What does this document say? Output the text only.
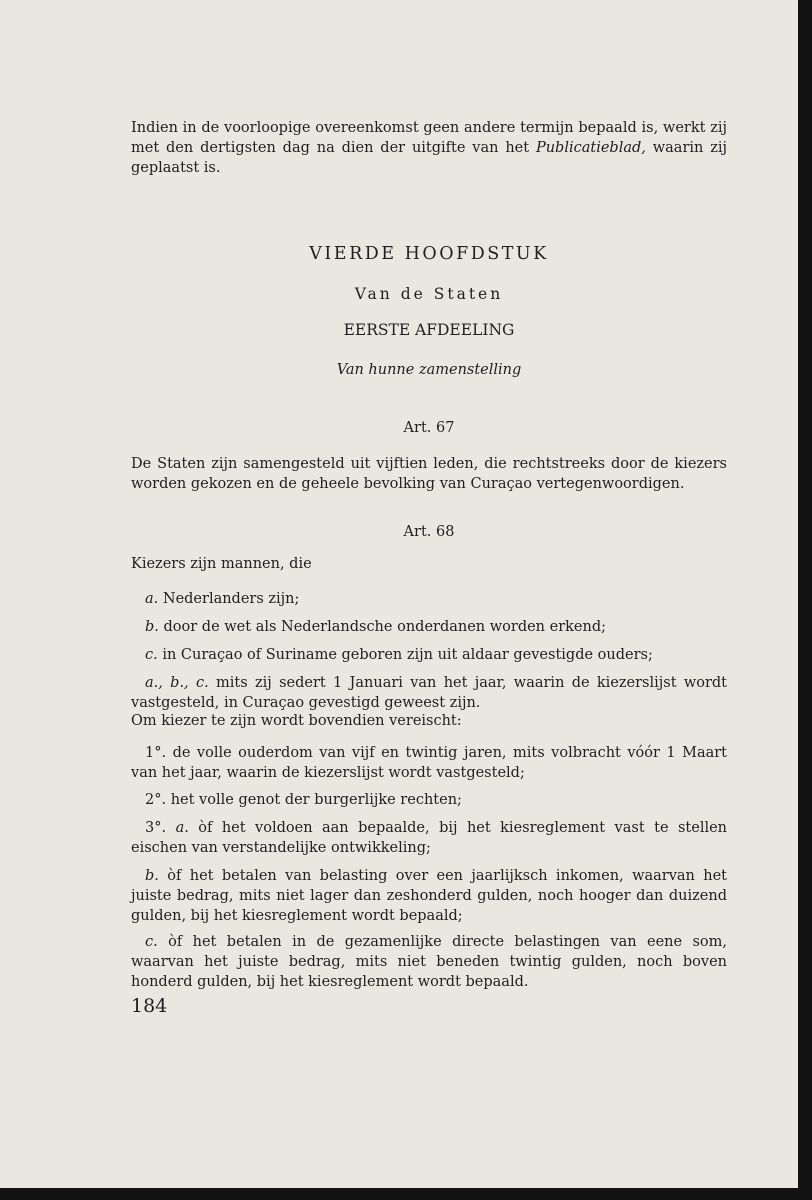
Indien in de voorloopige overeenkomst geen andere termijn bepaald is, werkt zij met den dertigsten dag na dien der uitgifte van het Publicatieblad, waarin zij geplaatst is.
VIERDE HOOFDSTUK
Van de Staten
EERSTE AFDEELING
Van hunne zamenstelling
Art. 67
De Staten zijn samengesteld uit vijftien leden, die rechtstreeks door de kiezers worden gekozen en de geheele bevolking van Curaçao vertegenwoordigen.
Art. 68
Kiezers zijn mannen, die
a. Nederlanders zijn;
b. door de wet als Nederlandsche onderdanen worden erkend;
c. in Curaçao of Suriname geboren zijn uit aldaar gevestigde ouders;
a., b., c. mits zij sedert 1 Januari van het jaar, waarin de kiezerslijst wordt vastgesteld, in Curaçao gevestigd geweest zijn.
Om kiezer te zijn wordt bovendien vereischt:
1°. de volle ouderdom van vijf en twintig jaren, mits volbracht vóór 1 Maart van het jaar, waarin de kiezerslijst wordt vastgesteld;
2°. het volle genot der burgerlijke rechten;
3°. a. òf het voldoen aan bepaalde, bij het kiesreglement vast te stellen eischen van verstandelijke ontwikkeling;
b. òf het betalen van belasting over een jaarlijksch inkomen, waarvan het juiste bedrag, mits niet lager dan zeshonderd gulden, noch hooger dan duizend gulden, bij het kiesreglement wordt bepaald;
c. òf het betalen in de gezamenlijke directe belastingen van eene som, waarvan het juiste bedrag, mits niet beneden twintig gulden, noch boven honderd gulden, bij het kiesreglement wordt bepaald.
184
